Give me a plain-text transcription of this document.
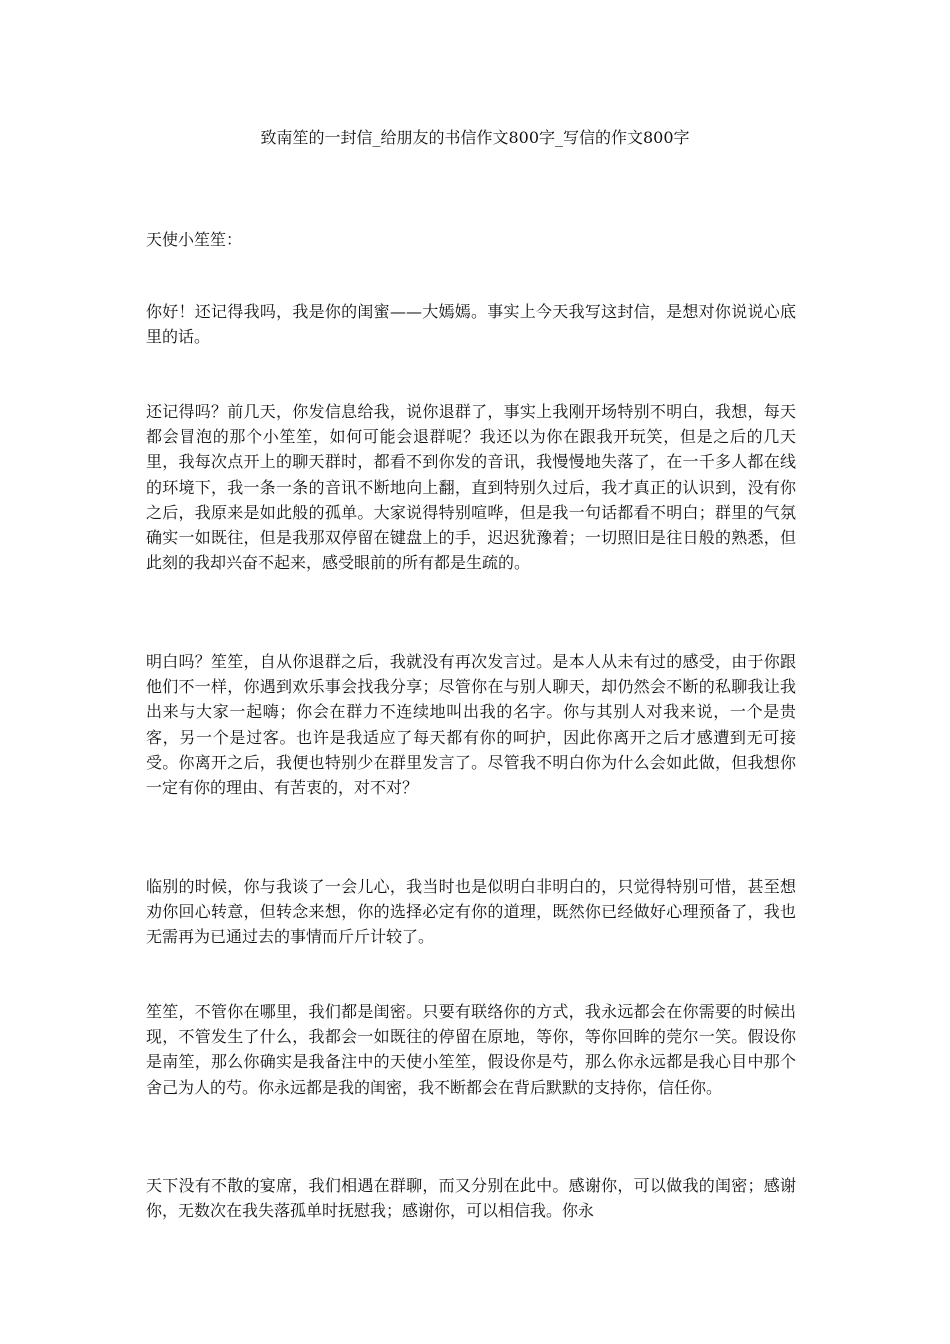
致南笙的一封信_给朋友的书信作文800字_写信的作文800字

天使小笙笙：

你好！还记得我吗，我是你的闺蜜——大嫣嫣。事实上今天我写这封信，是想对你说说心底里的话。

还记得吗？前几天，你发信息给我，说你退群了，事实上我刚开场特别不明白，我想，每天都会冒泡的那个小笙笙，如何可能会退群呢？我还以为你在跟我开玩笑，但是之后的几天里，我每次点开上的聊天群时，都看不到你发的音讯，我慢慢地失落了，在一千多人都在线的环境下，我一条一条的音讯不断地向上翻，直到特别久过后，我才真正的认识到，没有你之后，我原来是如此般的孤单。大家说得特别喧哗，但是我一句话都看不明白；群里的气氛确实一如既往，但是我那双停留在键盘上的手，迟迟犹豫着；一切照旧是往日般的熟悉，但此刻的我却兴奋不起来，感受眼前的所有都是生疏的。

明白吗？笙笙，自从你退群之后，我就没有再次发言过。是本人从未有过的感受，由于你跟他们不一样，你遇到欢乐事会找我分享；尽管你在与别人聊天，却仍然会不断的私聊我让我出来与大家一起嗨；你会在群力不连续地叫出我的名字。你与其别人对我来说，一个是贵客，另一个是过客。也许是我适应了每天都有你的呵护，因此你离开之后才感遭到无可接受。你离开之后，我便也特别少在群里发言了。尽管我不明白你为什么会如此做，但我想你一定有你的理由、有苦衷的，对不对？

临别的时候，你与我谈了一会儿心，我当时也是似明白非明白的，只觉得特别可惜，甚至想劝你回心转意，但转念来想，你的选择必定有你的道理，既然你已经做好心理预备了，我也无需再为已通过去的事情而斤斤计较了。

笙笙，不管你在哪里，我们都是闺密。只要有联络你的方式，我永远都会在你需要的时候出现，不管发生了什么，我都会一如既往的停留在原地，等你，等你回眸的莞尔一笑。假设你是南笙，那么你确实是我备注中的天使小笙笙，假设你是芍，那么你永远都是我心目中那个舍己为人的芍。你永远都是我的闺密，我不断都会在背后默默的支持你，信任你。

天下没有不散的宴席，我们相遇在群聊，而又分别在此中。感谢你，可以做我的闺密；感谢你，无数次在我失落孤单时抚慰我；感谢你，可以相信我。你永
